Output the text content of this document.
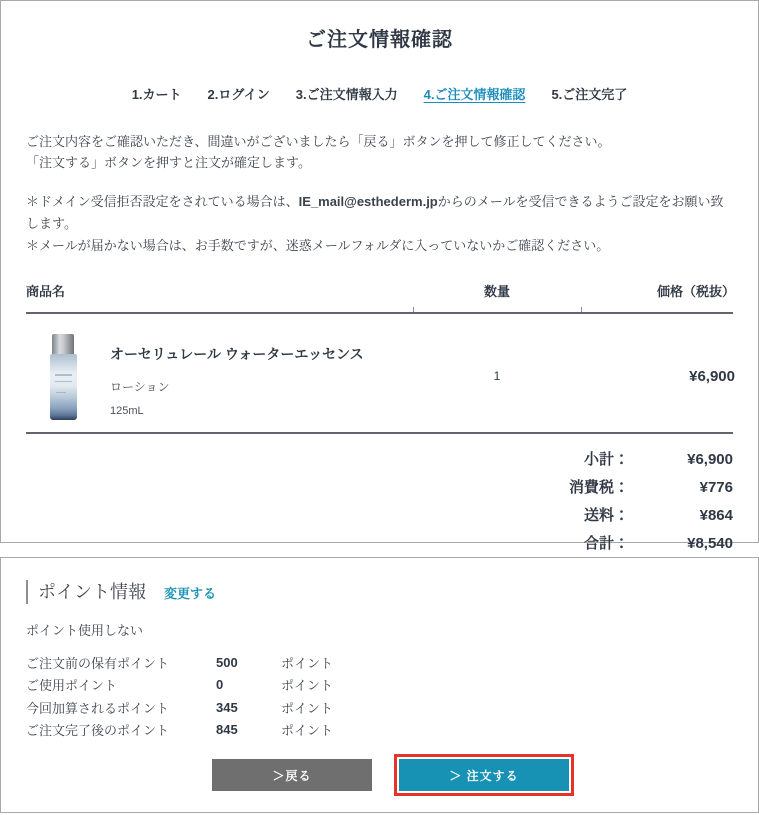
ご注文情報確認
1.カート 2.ログイン 3.ご注文情報入力 4.ご注文情報確認 5.ご注文完了

ご注文内容をご確認いただき、間違いがございましたら「戻る」ボタンを押して修正してください。
「注文する」ボタンを押すと注文が確定します。

＊ドメイン受信拒否設定をされている場合は、IE_mail@esthederm.jpからのメールを受信できるようご設定をお願い致します。
＊メールが届かない場合は、お手数ですが、迷惑メールフォルダに入っていないかご確認ください。

商品名	数量	価格（税抜）
オーセリュレール ウォーターエッセンス
ローション
125mL
1	¥6,900
小計：	¥6,900
消費税：	¥776
送料：	¥864
合計：	¥8,540
ポイント情報 変更する
ポイント使用しない
ご注文前の保有ポイント	500	ポイント
ご使用ポイント	0	ポイント
今回加算されるポイント	345	ポイント
ご注文完了後のポイント	845	ポイント
＞戻る	＞ 注文する
